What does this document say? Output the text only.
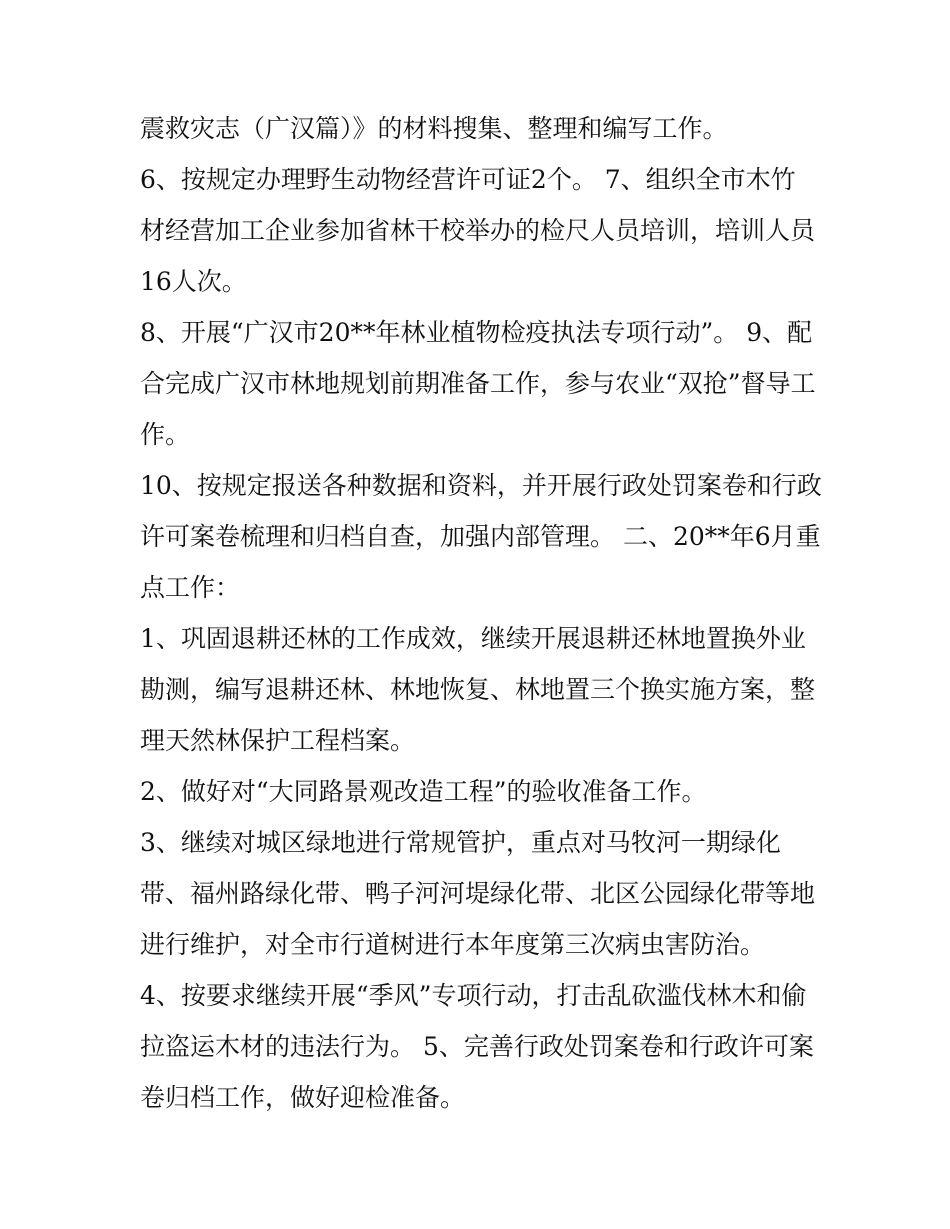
震救灾志（广汉篇）》的材料搜集、整理和编写工作。
6、按规定办理野生动物经营许可证2个。 7、组织全市木竹
材经营加工企业参加省林干校举办的检尺人员培训，培训人员
16人次。
8、开展“广汉市20**年林业植物检疫执法专项行动”。 9、配
合完成广汉市林地规划前期准备工作，参与农业“双抢”督导工
作。
10、按规定报送各种数据和资料，并开展行政处罚案卷和行政
许可案卷梳理和归档自查，加强内部管理。 二、20**年6月重
点工作：
1、巩固退耕还林的工作成效，继续开展退耕还林地置换外业
勘测，编写退耕还林、林地恢复、林地置三个换实施方案，整
理天然林保护工程档案。
2、做好对“大同路景观改造工程”的验收准备工作。
3、继续对城区绿地进行常规管护，重点对马牧河一期绿化
带、福州路绿化带、鸭子河河堤绿化带、北区公园绿化带等地
进行维护，对全市行道树进行本年度第三次病虫害防治。
4、按要求继续开展“季风”专项行动，打击乱砍滥伐林木和偷
拉盗运木材的违法行为。 5、完善行政处罚案卷和行政许可案
卷归档工作，做好迎检准备。
